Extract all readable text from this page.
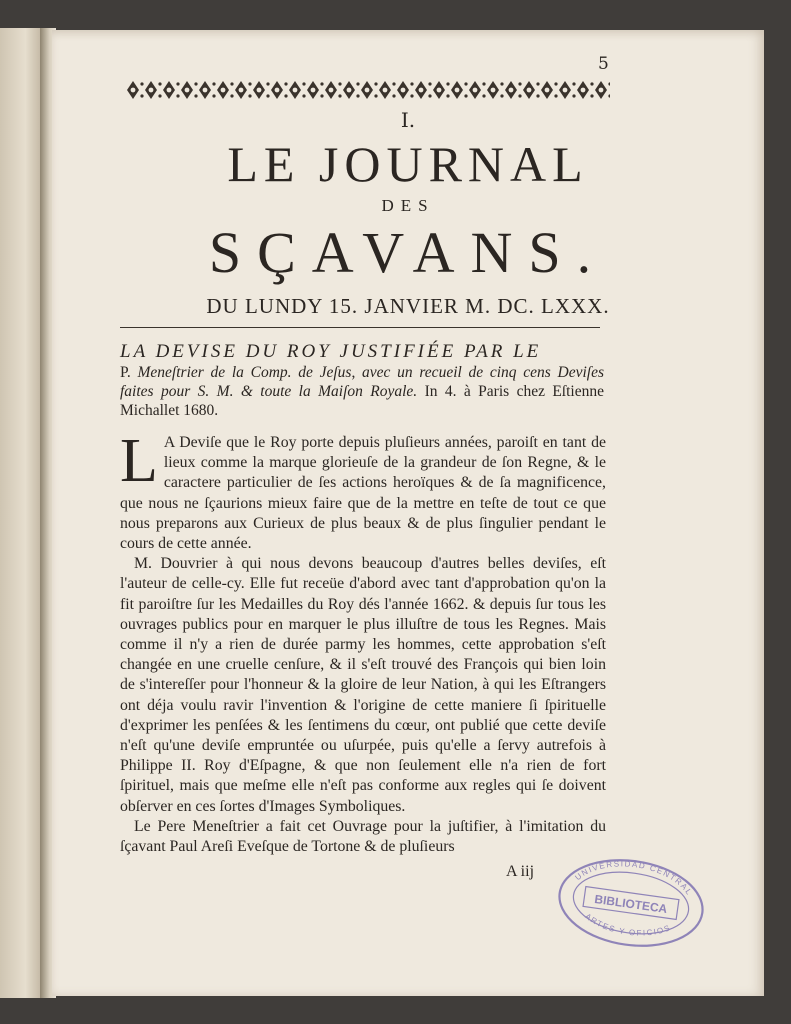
5
I.
LE JOURNAL
DES
SÇAVANS.
DU LUNDY 15. JANVIER M. DC. LXXX.
LA DEVISE DU ROY JUSTIFIÉE PAR LE
P. Meneſtrier de la Comp. de Jeſus, avec un recueil de cinq cens Deviſes faites pour S. M. & toute la Maiſon Royale. In 4. à Paris chez Eſtienne Michallet 1680.

L A Deviſe que le Roy porte depuis pluſieurs années, paroiſt en tant de lieux comme la marque glorieuſe de la grandeur de ſon Regne, & le caractere particulier de ſes actions heroïques & de ſa magnificence, que nous ne ſçaurions mieux faire que de la mettre en teſte de tout ce que nous preparons aux Curieux de plus beaux & de plus ſingulier pendant le cours de cette année.

M. Douvrier à qui nous devons beaucoup d'autres belles deviſes, eſt l'auteur de celle-cy. Elle fut receüe d'abord avec tant d'approbation qu'on la fit paroiſtre ſur les Medailles du Roy dés l'année 1662. & depuis ſur tous les ouvrages publics pour en marquer le plus illuſtre de tous les Regnes. Mais comme il n'y a rien de durée parmy les hommes, cette approbation s'eſt changée en une cruelle cenſure, & il s'eſt trouvé des François qui bien loin de s'intereſſer pour l'honneur & la gloire de leur Nation, à qui les Eſtrangers ont déja voulu ravir l'invention & l'origine de cette maniere ſi ſpirituelle d'exprimer les penſées & les ſentimens du cœur, ont publié que cette deviſe n'eſt qu'une deviſe empruntée ou uſurpée, puis qu'elle a ſervy autrefois à Philippe II. Roy d'Eſpagne, & que non ſeulement elle n'a rien de fort ſpirituel, mais que meſme elle n'eſt pas conforme aux regles qui ſe doivent obſerver en ces ſortes d'Images Symboliques.

Le Pere Meneſtrier a fait cet Ouvrage pour la juſtifier, à l'imitation du ſçavant Paul Areſi Eveſque de Tortone & de pluſieurs

A iij	UNIVERSIDAD CENTRAL
BIBLIOTECA
ARTES Y OFICIOS
